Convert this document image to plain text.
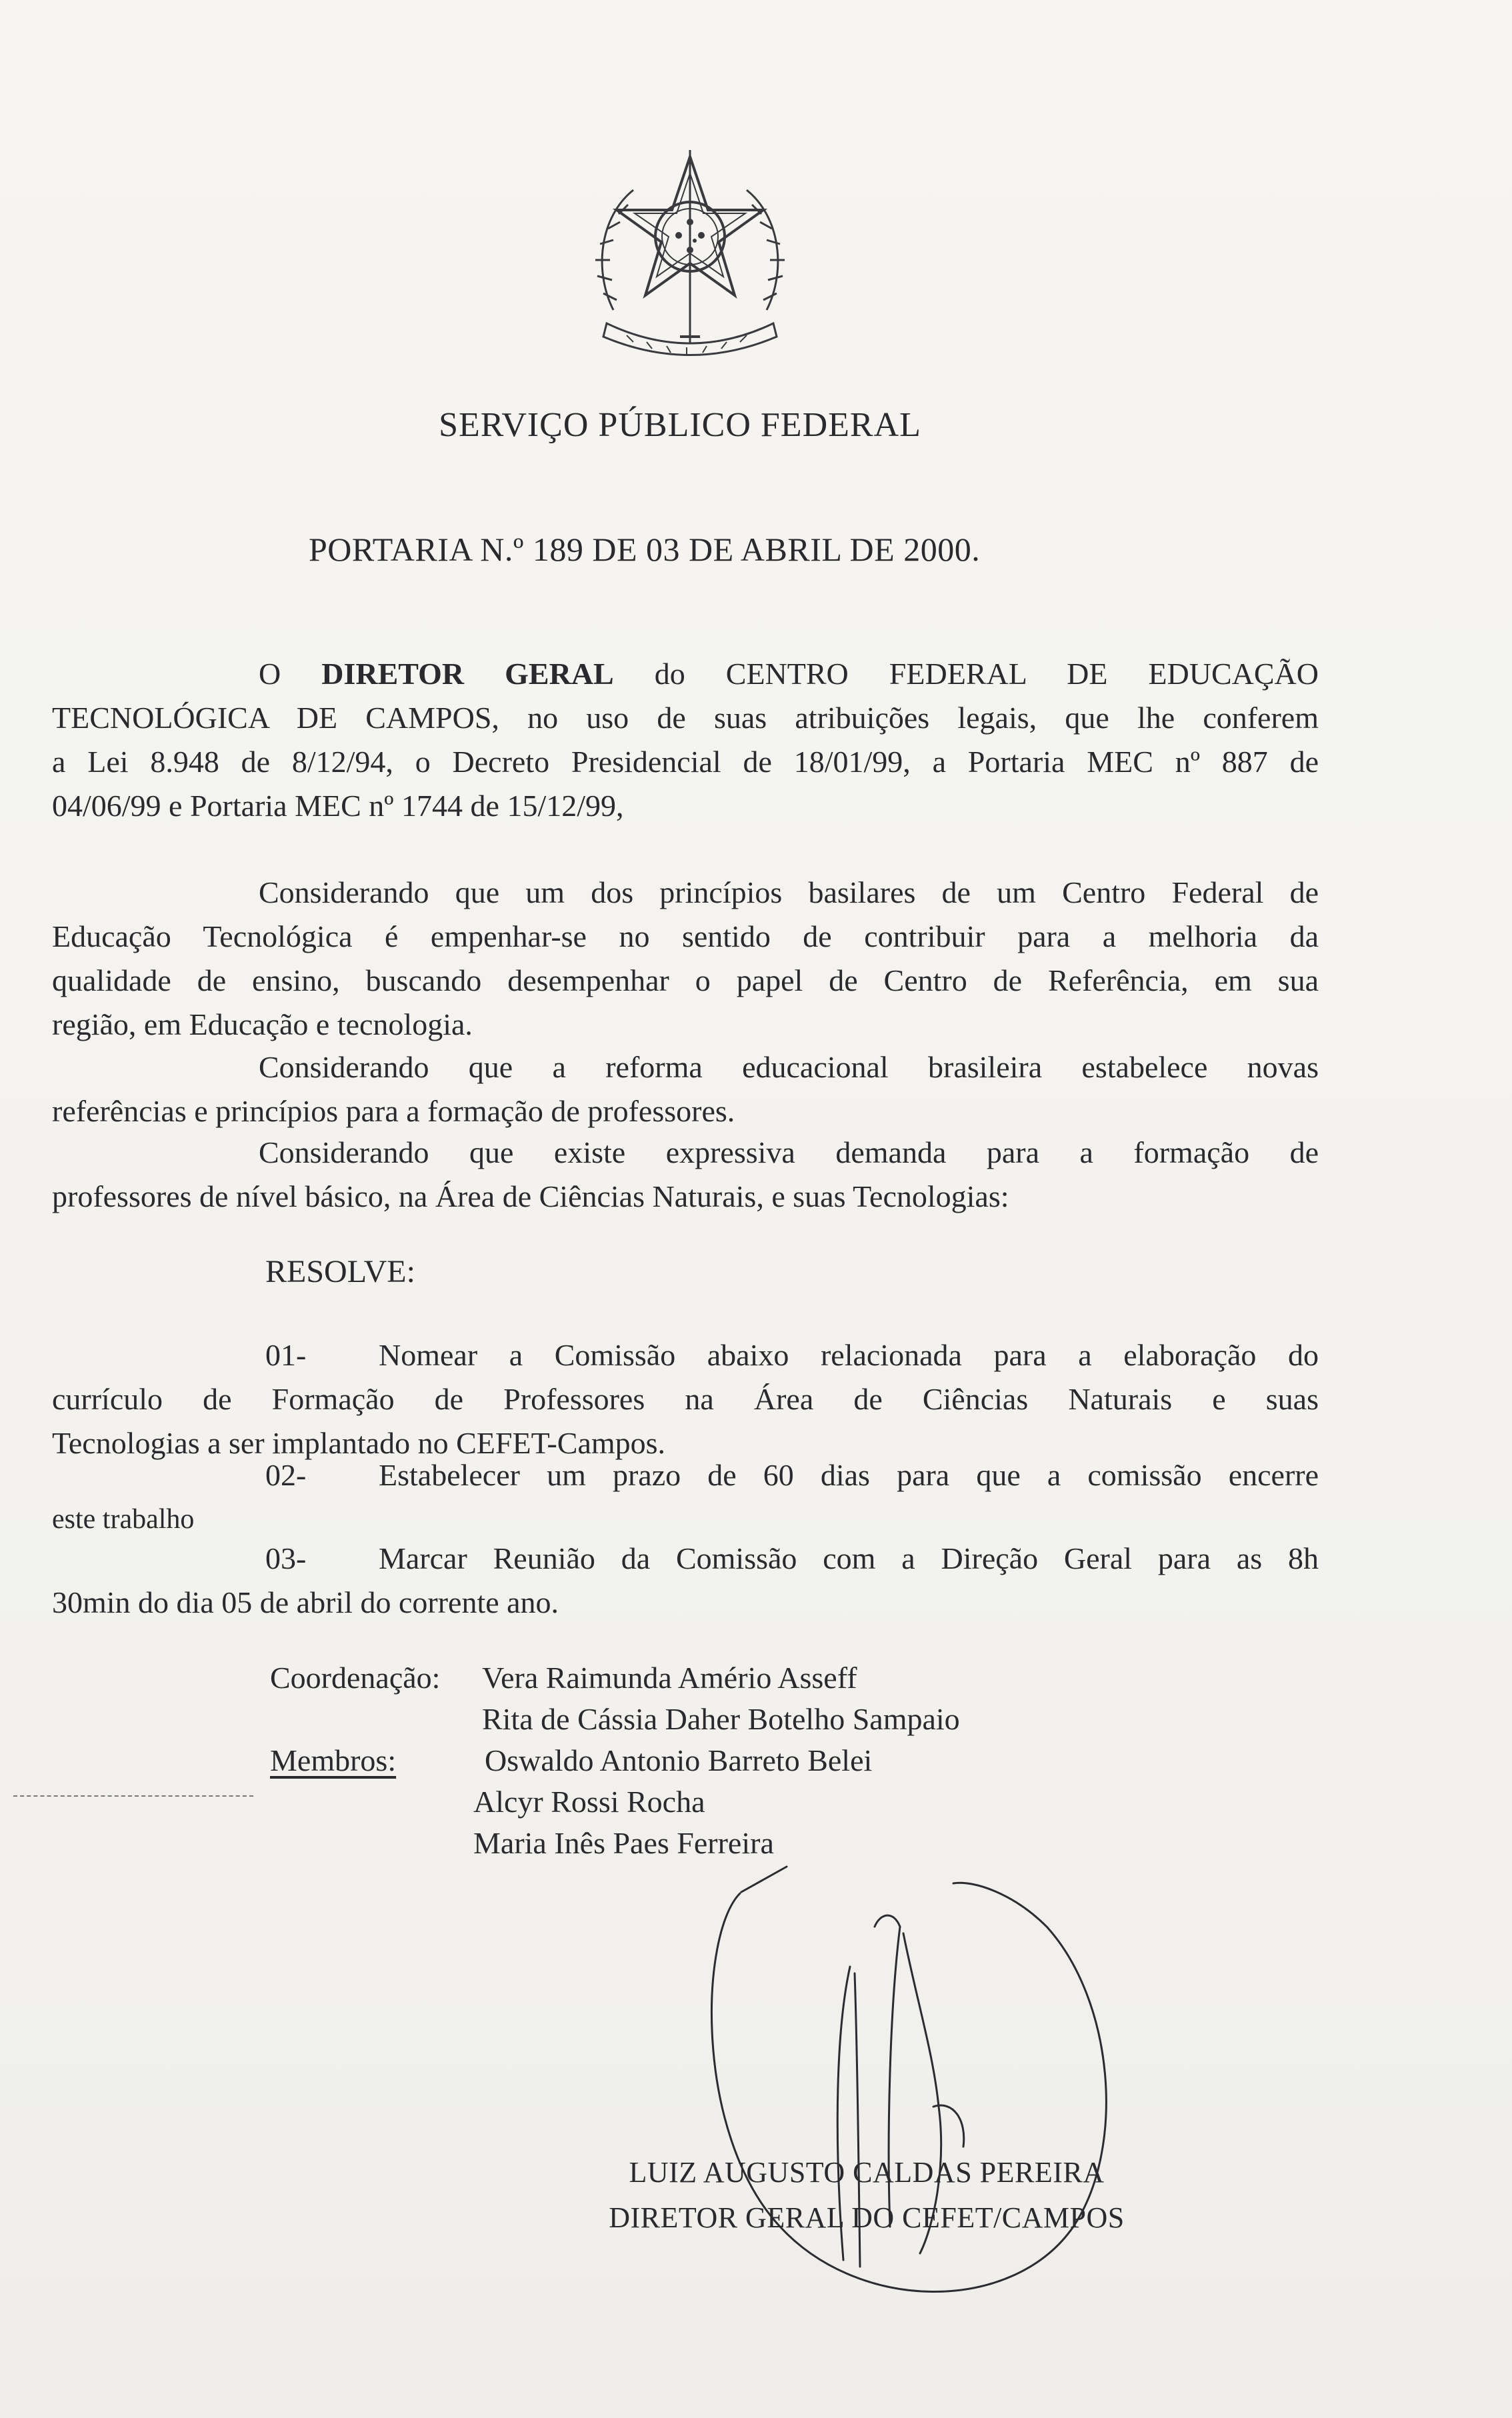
SERVIÇO PÚBLICO FEDERAL
PORTARIA N.º 189 DE 03 DE ABRIL DE 2000.
O DIRETOR GERAL do CENTRO FEDERAL DE EDUCAÇÃO
TECNOLÓGICA DE CAMPOS, no uso de suas atribuições legais, que lhe conferem
a Lei 8.948 de 8/12/94, o Decreto Presidencial de 18/01/99, a Portaria MEC nº 887 de
04/06/99 e Portaria MEC nº 1744 de 15/12/99,
Considerando que um dos princípios basilares de um Centro Federal de
Educação Tecnológica é empenhar-se no sentido de contribuir para a melhoria da
qualidade de ensino, buscando desempenhar o papel de Centro de Referência, em sua
região, em Educação e tecnologia.
Considerando que a reforma educacional brasileira estabelece novas
referências e princípios para a formação de professores.
Considerando que existe expressiva demanda para a formação de
professores de nível básico, na Área de Ciências Naturais, e suas Tecnologias:
RESOLVE:
01- Nomear a Comissão abaixo relacionada para a elaboração do
currículo de Formação de Professores na Área de Ciências Naturais e suas
Tecnologias a ser implantado no CEFET-Campos.
02- Estabelecer um prazo de 60 dias para que a comissão encerre
este trabalho
03- Marcar Reunião da Comissão com a Direção Geral para as 8h
30min do dia 05 de abril do corrente ano.
Coordenação: Vera Raimunda Amério Asseff
Rita de Cássia Daher Botelho Sampaio
Membros:	Oswaldo Antonio Barreto Belei
Alcyr Rossi Rocha
Maria Inês Paes Ferreira
LUIZ AUGUSTO CALDAS PEREIRA
DIRETOR GERAL DO CEFET/CAMPOS
